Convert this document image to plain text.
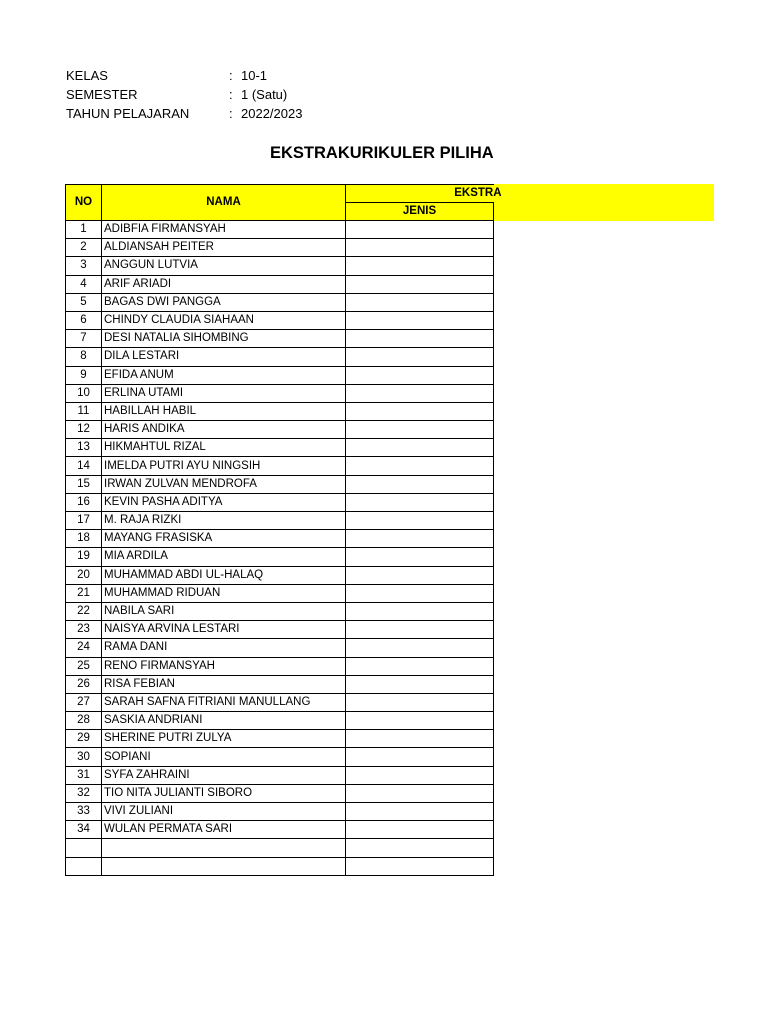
KELAS	: 10-1
SEMESTER	: 1 (Satu)
TAHUN PELAJARAN	: 2022/2023
EKSTRAKURIKULER PILIHA
NO	NAMA	EKSTRA
		JENIS
1	ADIBFIA FIRMANSYAH	
2	ALDIANSAH PEITER	
3	ANGGUN LUTVIA	
4	ARIF ARIADI	
5	BAGAS DWI PANGGA	
6	CHINDY CLAUDIA SIAHAAN	
7	DESI NATALIA SIHOMBING	
8	DILA LESTARI	
9	EFIDA ANUM	
10	ERLINA UTAMI	
11	HABILLAH HABIL	
12	HARIS ANDIKA	
13	HIKMAHTUL RIZAL	
14	IMELDA PUTRI AYU NINGSIH	
15	IRWAN ZULVAN MENDROFA	
16	KEVIN PASHA ADITYA	
17	M. RAJA RIZKI	
18	MAYANG FRASISKA	
19	MIA ARDILA	
20	MUHAMMAD ABDI UL-HALAQ	
21	MUHAMMAD RIDUAN	
22	NABILA SARI	
23	NAISYA ARVINA LESTARI	
24	RAMA DANI	
25	RENO FIRMANSYAH	
26	RISA FEBIAN	
27	SARAH SAFNA FITRIANI MANULLANG	
28	SASKIA ANDRIANI	
29	SHERINE PUTRI ZULYA	
30	SOPIANI	
31	SYFA ZAHRAINI	
32	TIO NITA JULIANTI SIBORO	
33	VIVI ZULIANI	
34	WULAN PERMATA SARI	
